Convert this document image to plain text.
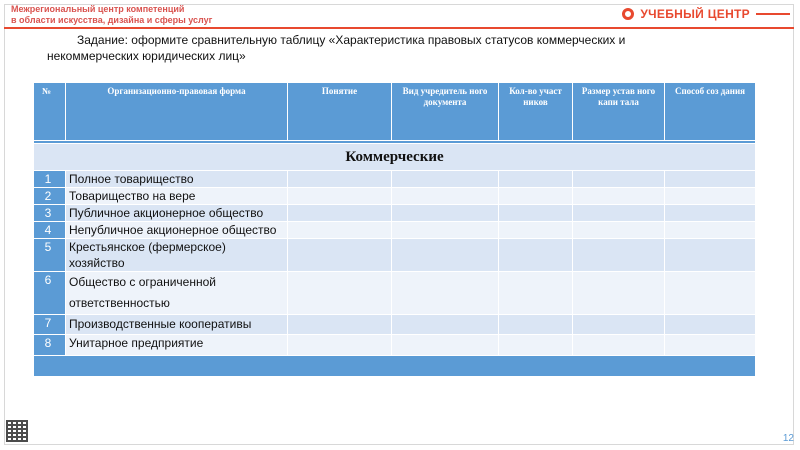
Межрегиональный центр компетенций
в области искусства, дизайна и сферы услуг	УЧЕБНЫЙ ЦЕНТР
Задание: оформите сравнительную таблицу «Характеристика правовых статусов коммерческих и
некоммерческих юридических лиц»
№	Организационно-правовая форма	Понятие	Вид учредитель ного документа	Кол-во участ ников	Размер устав ного капи тала	Способ соз дания

Коммерческие						
1	Полное товарищество					
2	Товарищество на вере					
3	Публичное акционерное общество					
4	Непубличное акционерное общество					
5	Крестьянское (фермерское) хозяйство					
6	Общество с ограниченной ответственностью					
7	Производственные кооперативы					
8	Унитарное предприятие					

12
